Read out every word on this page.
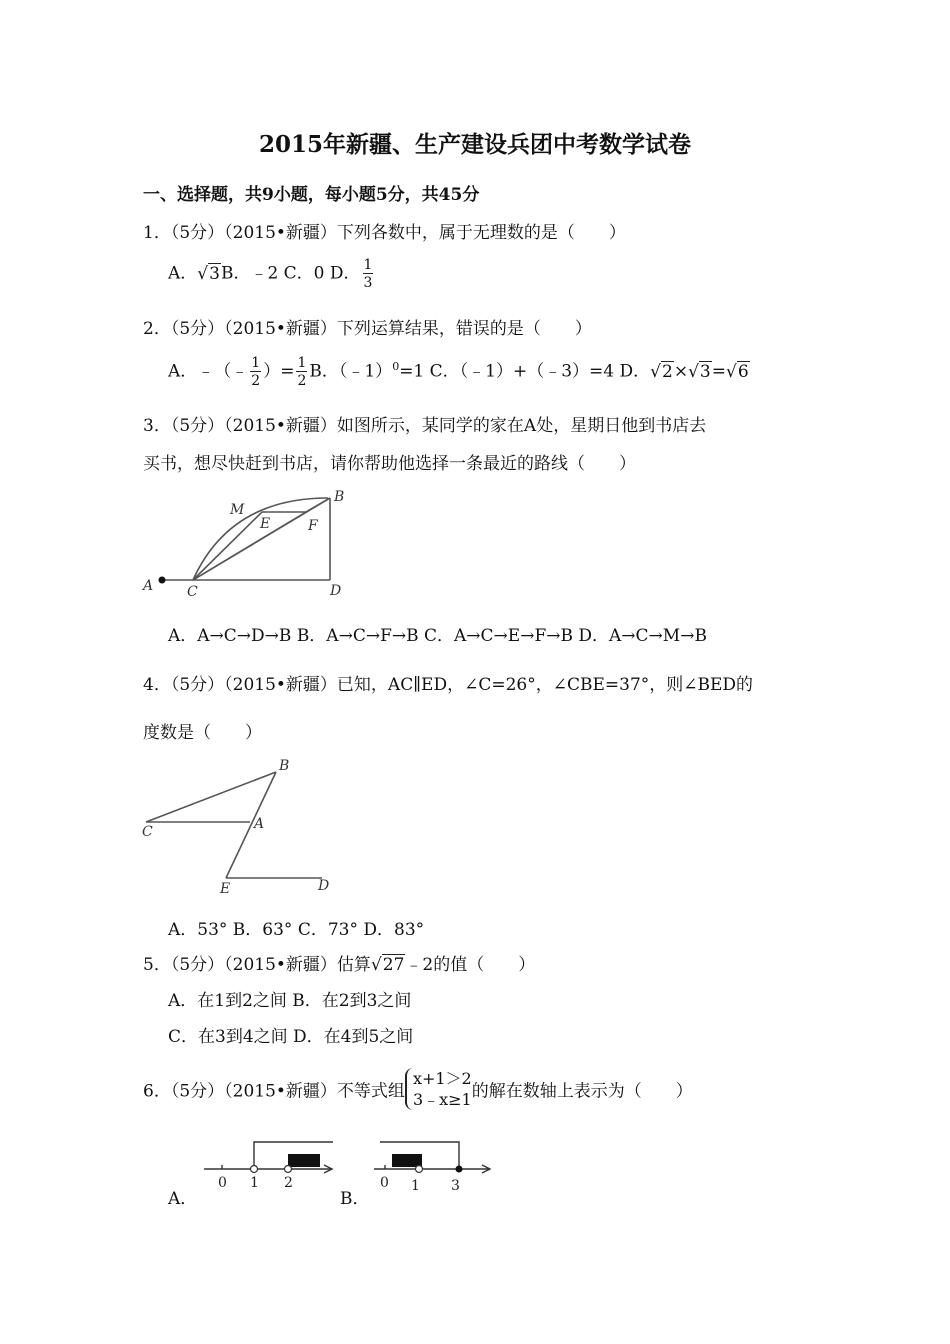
2015年新疆、生产建设兵团中考数学试卷
一、选择题，共9小题，每小题5分，共45分
1．（5分）（2015•新疆）下列各数中，属于无理数的是（　　）
A．√3B．﹣2 C．0 D． $\frac{1}{3}$
2．（5分）（2015•新疆）下列运算结果，错误的是（　　）
A．﹣（﹣ $\frac{1}{2}$ ）= $\frac{1}{2}$ B．（﹣1）$^0$=1 C．（﹣1）+（﹣3）=4 D．√2×√3=√6
3．（5分）（2015•新疆）如图所示，某同学的家在A处，星期日他到书店去
买书，想尽快赶到书店，请你帮助他选择一条最近的路线（　　）
A C	D
B
M
E	F
A．A→C→D→B B．A→C→F→B C．A→C→E→F→B D．A→C→M→B
4．（5分）（2015•新疆）已知，AC∥ED，∠C=26°，∠CBE=37°，则∠BED的
度数是（　　）
B
C	A
E	D
A．53° B．63° C．73° D．83°
5．（5分）（2015•新疆）估算√27﹣2的值（　　）
A．在1到2之间 B．在2到3之间
C．在3到4之间 D．在4到5之间
6．（5分）（2015•新疆）不等式组
x+1＞2
3﹣x≥1 的解在数轴上表示为（　　）
A．
0 1 2
B．
0 1 3
